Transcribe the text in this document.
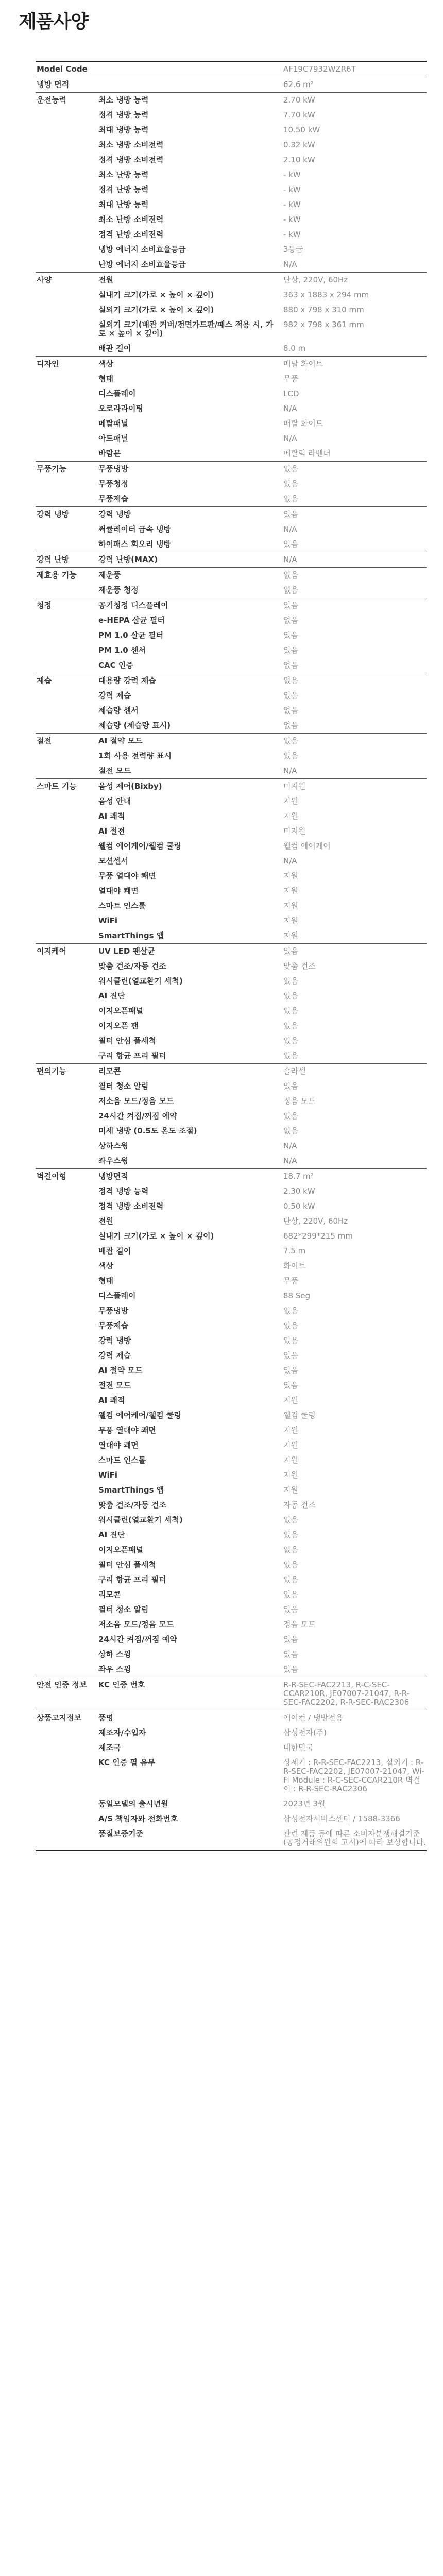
제품사양
Model Code		AF19C7932WZR6T
냉방 면적		62.6 m²
운전능력	최소 냉방 능력	2.70 kW
	정격 냉방 능력	7.70 kW
	최대 냉방 능력	10.50 kW
	최소 냉방 소비전력	0.32 kW
	정격 냉방 소비전력	2.10 kW
	최소 난방 능력	- kW
	정격 난방 능력	- kW
	최대 난방 능력	- kW
	최소 난방 소비전력	- kW
	정격 난방 소비전력	- kW
	냉방 에너지 소비효율등급	3등급
	난방 에너지 소비효율등급	N/A
사양	전원	단상, 220V, 60Hz
	실내기 크기(가로 × 높이 × 깊이)	363 x 1883 x 294 mm
	실외기 크기(가로 × 높이 × 깊이)	880 x 798 x 310 mm
	실외기 크기(배관 커버/전면가드판/패스 적용 시, 가로 × 높이 × 깊이)	982 x 798 x 361 mm
	배관 길이	8.0 m
디자인	색상	매탈 화이트
	형태	무풍
	디스플레이	LCD
	오로라라이팅	N/A
	메탈패널	매탈 화이트
	아트패널	N/A
	바람문	메탈릭 라벤더
무풍기능	무풍냉방	있음
	무풍청정	있음
	무풍제습	있음
강력 냉방	강력 냉방	있음
	써큘레이터 급속 냉방	N/A
	하이패스 회오리 냉방	있음
강력 난방	강력 난방(MAX)	N/A
제효용 기능	제운풍	없음
	제운풍 청정	없음
청정	공기청정 디스플레이	있음
	e-HEPA 살균 필터	없음
	PM 1.0 살균 필터	있음
	PM 1.0 센서	있음
	CAC 인증	없음
제습	대용량 강력 제습	없음
	강력 제습	있음
	제습량 센서	없음
	제습량 (제습량 표시)	없음
절전	AI 절약 모드	있음
	1회 사용 전력량 표시	있음
	절전 모드	N/A
스마트 기능	음성 제어(Bixby)	미지원
	음성 안내	지원
	AI 쾌적	지원
	AI 절전	미지원
	웰컴 에어케어/웰컴 쿨링	웰컴 에어케어
	모션센서	N/A
	무풍 열대야 쾌면	지원
	열대야 쾌면	지원
	스마트 인스톨	지원
	WiFi	지원
	SmartThings 앱	지원
이지케어	UV LED 팬살균	있음
	맞춤 건조/자동 건조	맞춤 건조
	워시클린(열교환기 세척)	있음
	AI 진단	있음
	이지오픈패널	있음
	이지오픈 팬	있음
	필터 안심 플세척	있음
	구리 항균 프리 필터	있음
편의기능	리모콘	솔라셀
	필터 청소 알림	있음
	저소음 모드/정음 모드	정음 모드
	24시간 켜짐/꺼짐 예약	있음
	미세 냉방 (0.5도 온도 조절)	없음
	상하스윙	N/A
	좌우스윙	N/A
벽걸이형	냉방면적	18.7 m²
	정격 냉방 능력	2.30 kW
	정격 냉방 소비전력	0.50 kW
	전원	단상, 220V, 60Hz
	실내기 크기(가로 × 높이 × 깊이)	682*299*215 mm
	배관 길이	7.5 m
	색상	화이트
	형태	무풍
	디스플레이	88 Seg
	무풍냉방	있음
	무풍제습	있음
	강력 냉방	있음
	강력 제습	있음
	AI 절약 모드	있음
	절전 모드	있음
	AI 쾌적	지원
	웰컴 에어케어/웰컴 쿨링	웰컴 쿨링
	무풍 열대야 쾌면	지원
	열대야 쾌면	지원
	스마트 인스톨	지원
	WiFi	지원
	SmartThings 앱	지원
	맞춤 건조/자동 건조	자동 건조
	워시클린(열교환기 세척)	있음
	AI 진단	있음
	이지오픈패널	없음
	필터 안심 플세척	있음
	구리 항균 프리 필터	있음
	리모콘	있음
	필터 청소 알림	있음
	저소음 모드/정음 모드	정음 모드
	24시간 켜짐/꺼짐 예약	있음
	상하 스윙	있음
	좌우 스윙	있음
안전 인증 정보	KC 인증 번호	R-R-SEC-FAC2213, R-C-SEC-CCAR210R, JE07007-21047, R-R-SEC-FAC2202, R-R-SEC-RAC2306
상품고지정보	품명	에어컨 / 냉방전용
	제조자/수입자	삼성전자(주)
	제조국	대한민국
	KC 인증 필 유무	상세기 : R-R-SEC-FAC2213, 실외기 : R-R-SEC-FAC2202, JE07007-21047, Wi-Fi Module : R-C-SEC-CCAR210R 벽걸이 : R-R-SEC-RAC2306
	동일모델의 출시년월	2023년 3월
	A/S 책임자와 전화번호	삼성전자서비스센터 / 1588-3366
	품질보증기준	관련 제품 등에 따른 소비자분쟁해결기준(공정거래위원회 고시)에 따라 보상합니다.
